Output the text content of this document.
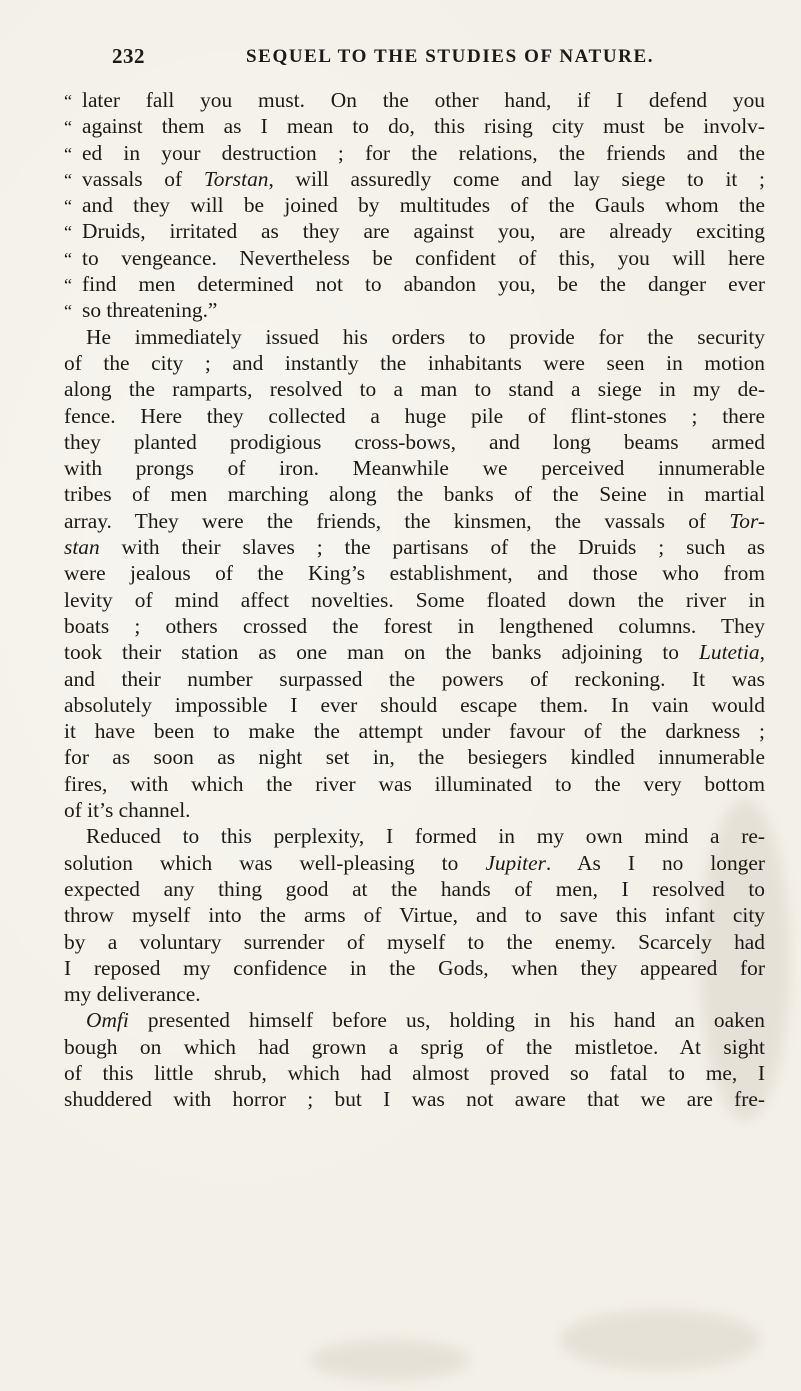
232	SEQUEL TO THE STUDIES OF NATURE.
“ later fall you must. On the other hand, if I defend you
“ against them as I mean to do, this rising city must be involv-
“ ed in your destruction ; for the relations, the friends and the
“ vassals of Torstan, will assuredly come and lay siege to it ;
“ and they will be joined by multitudes of the Gauls whom the
“ Druids, irritated as they are against you, are already exciting
“ to vengeance. Nevertheless be confident of this, you will here
“ find men determined not to abandon you, be the danger ever
“ so threatening.”
He immediately issued his orders to provide for the security
of the city ; and instantly the inhabitants were seen in motion
along the ramparts, resolved to a man to stand a siege in my de-
fence. Here they collected a huge pile of flint-stones ; there
they planted prodigious cross-bows, and long beams armed
with prongs of iron. Meanwhile we perceived innumerable
tribes of men marching along the banks of the Seine in martial
array. They were the friends, the kinsmen, the vassals of Tor-
stan with their slaves ; the partisans of the Druids ; such as
were jealous of the King’s establishment, and those who from
levity of mind affect novelties. Some floated down the river in
boats ; others crossed the forest in lengthened columns. They
took their station as one man on the banks adjoining to Lutetia,
and their number surpassed the powers of reckoning. It was
absolutely impossible I ever should escape them. In vain would
it have been to make the attempt under favour of the darkness ;
for as soon as night set in, the besiegers kindled innumerable
fires, with which the river was illuminated to the very bottom
of it’s channel.
Reduced to this perplexity, I formed in my own mind a re-
solution which was well-pleasing to Jupiter. As I no longer
expected any thing good at the hands of men, I resolved to
throw myself into the arms of Virtue, and to save this infant city
by a voluntary surrender of myself to the enemy. Scarcely had
I reposed my confidence in the Gods, when they appeared for
my deliverance.
Omfi presented himself before us, holding in his hand an oaken
bough on which had grown a sprig of the mistletoe. At sight
of this little shrub, which had almost proved so fatal to me, I
shuddered with horror ; but I was not aware that we are fre-
